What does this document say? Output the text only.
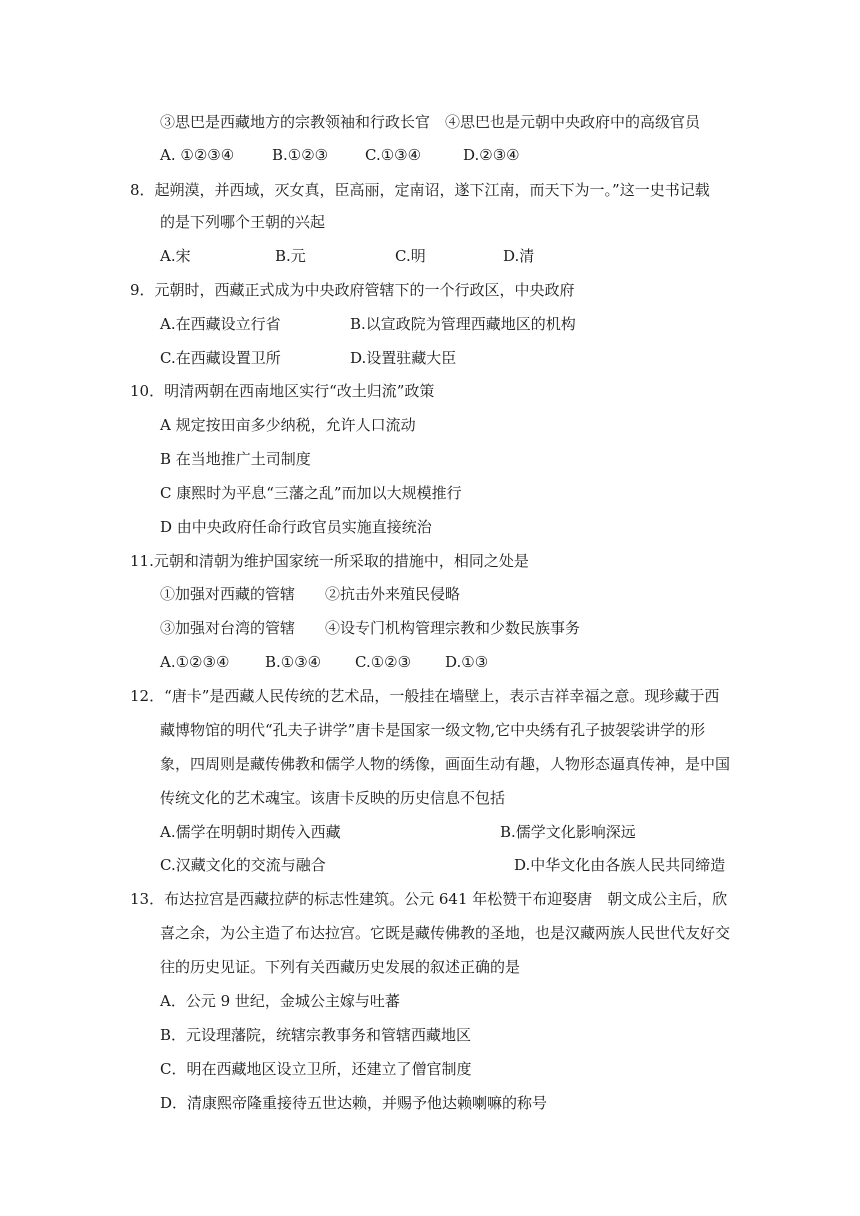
③思巴是西藏地方的宗教领袖和行政长官　④思巴也是元朝中央政府中的高级官员
A. ①②③④	B.①②③ C.①③④	D.②③④
8．起朔漠，并西域，灭女真，臣高丽，定南诏，遂下江南，而天下为一。”这一史书记载
的是下列哪个王朝的兴起
A.宋	B.元	C.明	D.清
9．元朝时，西藏正式成为中央政府管辖下的一个行政区，中央政府
A.在西藏设立行省	B.以宣政院为管理西藏地区的机构
C.在西藏设置卫所	D.设置驻藏大臣
10．明清两朝在西南地区实行“改土归流”政策
A 规定按田亩多少纳税，允许人口流动
B 在当地推广土司制度
C 康熙时为平息“三藩之乱”而加以大规模推行
D 由中央政府任命行政官员实施直接统治
11.元朝和清朝为维护国家统一所采取的措施中，相同之处是
①加强对西藏的管辖　　②抗击外来殖民侵略
③加强对台湾的管辖　　④设专门机构管理宗教和少数民族事务
A.①②③④ B.①③④ C.①②③ D.①③
12．“唐卡”是西藏人民传统的艺术品，一般挂在墙壁上，表示吉祥幸福之意。现珍藏于西
藏博物馆的明代“孔夫子讲学”唐卡是国家一级文物,它中央绣有孔子披袈裟讲学的形
象，四周则是藏传佛教和儒学人物的绣像，画面生动有趣，人物形态逼真传神，是中国
传统文化的艺术魂宝。该唐卡反映的历史信息不包括
A.儒学在明朝时期传入西藏	B.儒学文化影响深远
C.汉藏文化的交流与融合	D.中华文化由各族人民共同缔造
13．布达拉宫是西藏拉萨的标志性建筑。公元 641 年松赞干布迎娶唐　朝文成公主后，欣
喜之余，为公主造了布达拉宫。它既是藏传佛教的圣地，也是汉藏两族人民世代友好交
往的历史见证。下列有关西藏历史发展的叙述正确的是
A．公元 9 世纪，金城公主嫁与吐蕃
B．元设理藩院，统辖宗教事务和管辖西藏地区
C．明在西藏地区设立卫所，还建立了僧官制度
D．清康熙帝隆重接待五世达赖，并赐予他达赖喇嘛的称号
